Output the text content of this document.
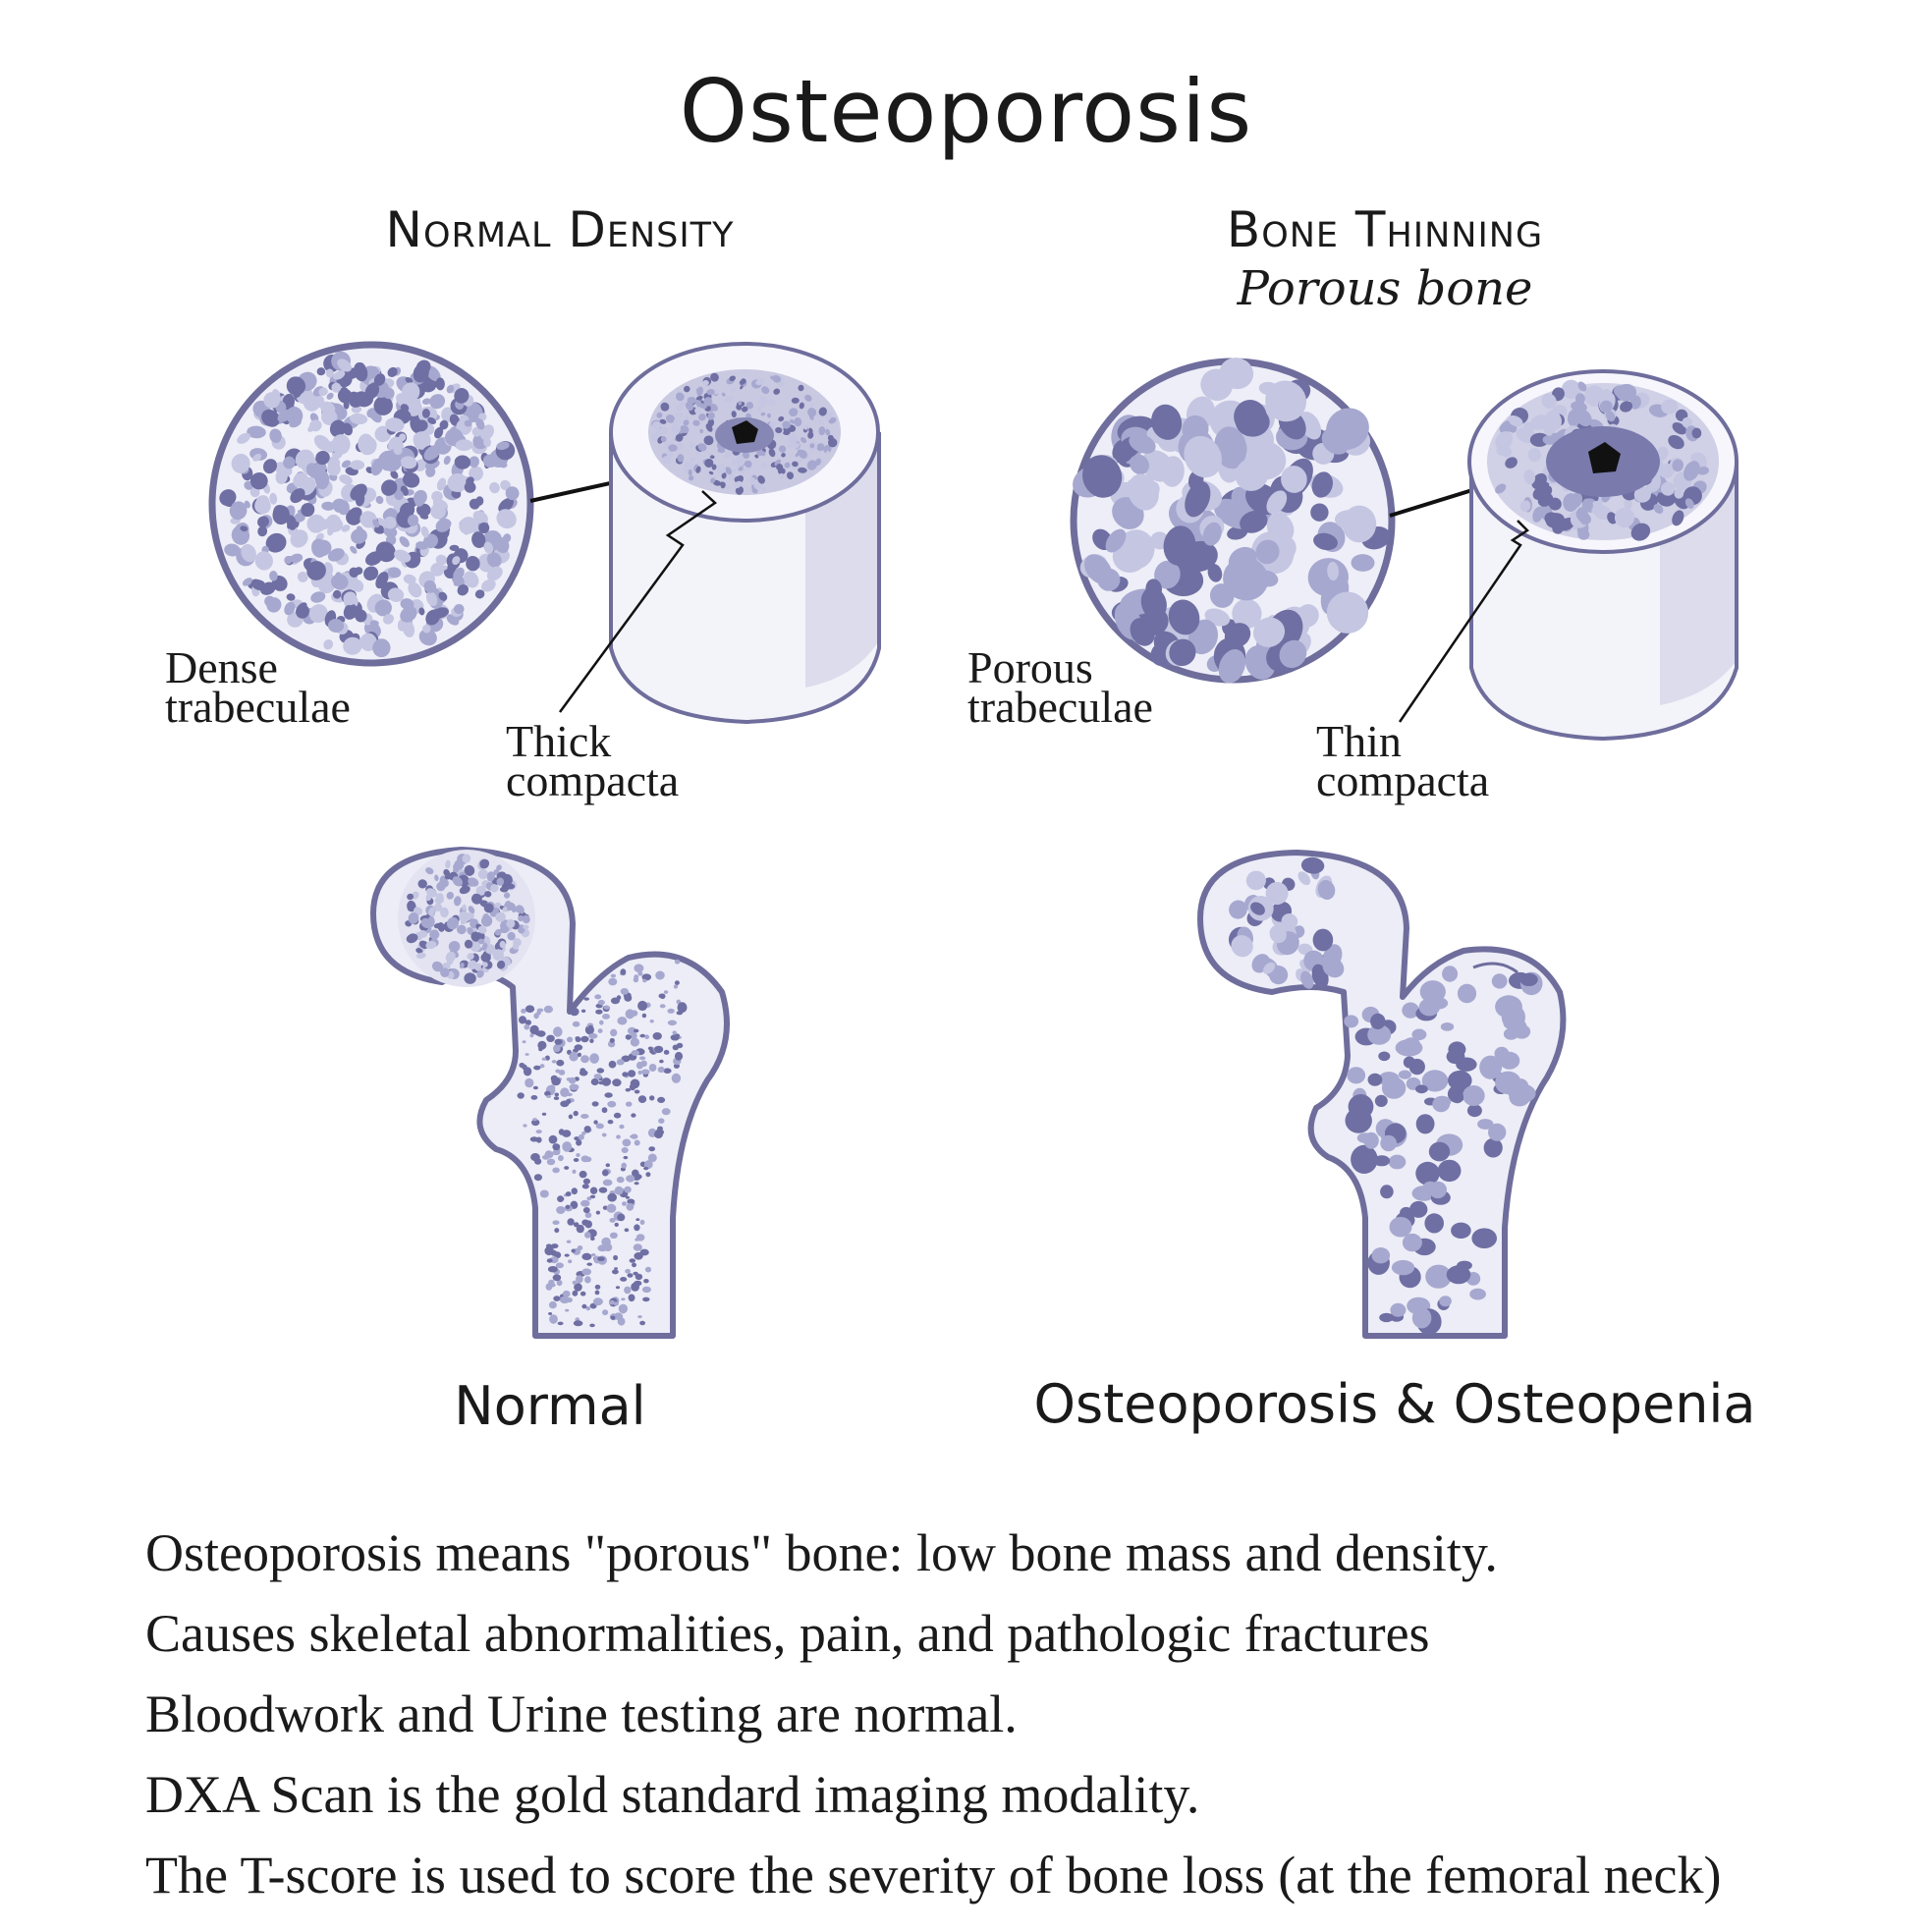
Osteoporosis
Normal Density	Bone Thinning
Porous bone
Dense
trabeculae
Thick
compacta
Porous
trabeculae
Thin
compacta
Normal	Osteoporosis & Osteopenia
Osteoporosis means "porous" bone: low bone mass and density.
Causes skeletal abnormalities, pain, and pathologic fractures
Bloodwork and Urine testing are normal.
DXA Scan is the gold standard imaging modality.
The T-score is used to score the severity of bone loss (at the femoral neck)
